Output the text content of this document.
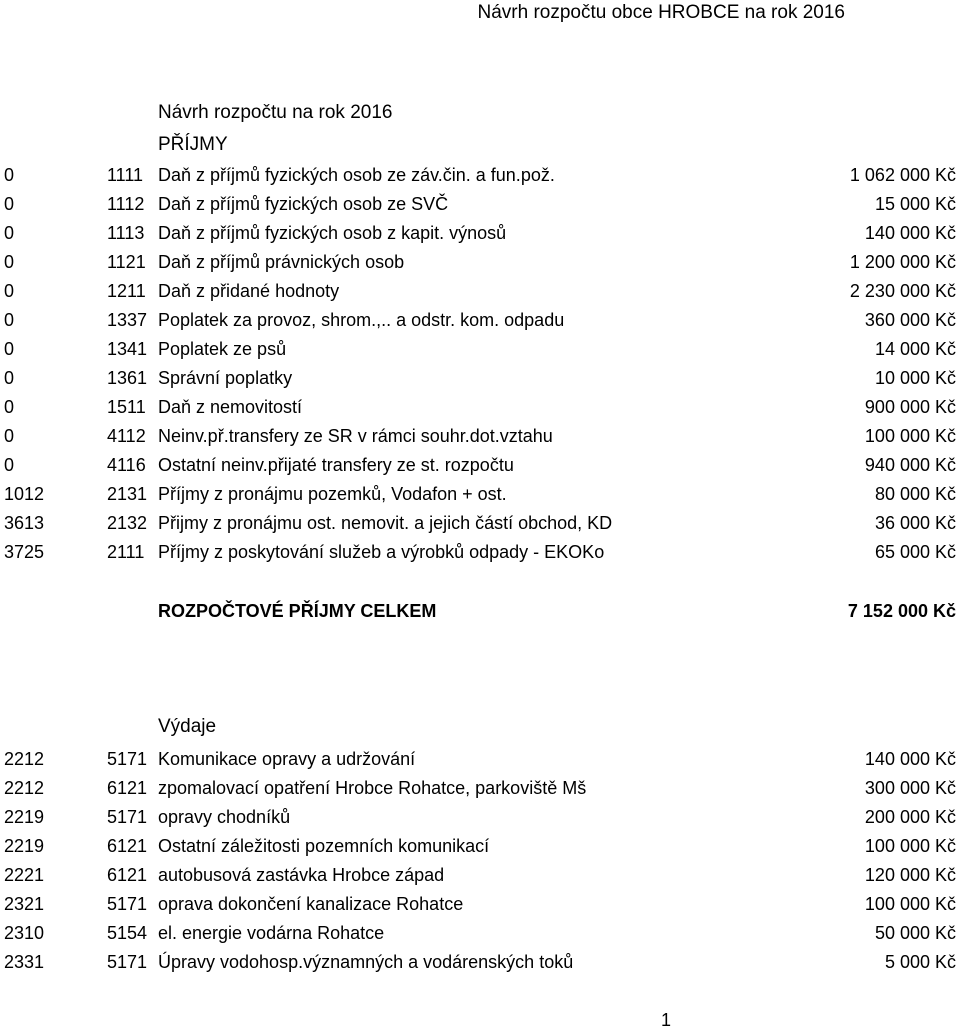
Návrh rozpočtu obce HROBCE na rok 2016
Návrh rozpočtu na rok 2016
PŘÍJMY
0	1111 Daň z příjmů fyzických osob ze záv.čin. a fun.pož.	1 062 000 Kč
0	1112 Daň z příjmů fyzických osob ze SVČ	15 000 Kč
0	1113 Daň z příjmů fyzických osob z kapit. výnosů	140 000 Kč
0	1121 Daň z příjmů právnických osob	1 200 000 Kč
0	1211 Daň z přidané hodnoty	2 230 000 Kč
0	1337 Poplatek za provoz, shrom.,.. a odstr. kom. odpadu	360 000 Kč
0	1341 Poplatek ze psů	14 000 Kč
0	1361 Správní poplatky	10 000 Kč
0	1511 Daň z nemovitostí	900 000 Kč
0	4112 Neinv.př.transfery ze SR v rámci souhr.dot.vztahu	100 000 Kč
0	4116 Ostatní neinv.přijaté transfery ze st. rozpočtu	940 000 Kč
1012	2131 Příjmy z pronájmu pozemků, Vodafon + ost.	80 000 Kč
3613	2132 Přijmy z pronájmu ost. nemovit. a jejich částí obchod, KD	36 000 Kč
3725	2111 Příjmy z poskytování služeb a výrobků odpady - EKOKo	65 000 Kč
ROZPOČTOVÉ PŘÍJMY CELKEM	7 152 000 Kč
Výdaje
2212	5171 Komunikace opravy a udržování	140 000 Kč
2212	6121 zpomalovací opatření Hrobce Rohatce, parkoviště Mš	300 000 Kč
2219	5171 opravy chodníků	200 000 Kč
2219	6121 Ostatní záležitosti pozemních komunikací	100 000 Kč
2221	6121 autobusová zastávka Hrobce západ	120 000 Kč
2321	5171 oprava dokončení kanalizace Rohatce	100 000 Kč
2310	5154 el. energie vodárna Rohatce	50 000 Kč
2331	5171 Úpravy vodohosp.významných a vodárenských toků	5 000 Kč
1
